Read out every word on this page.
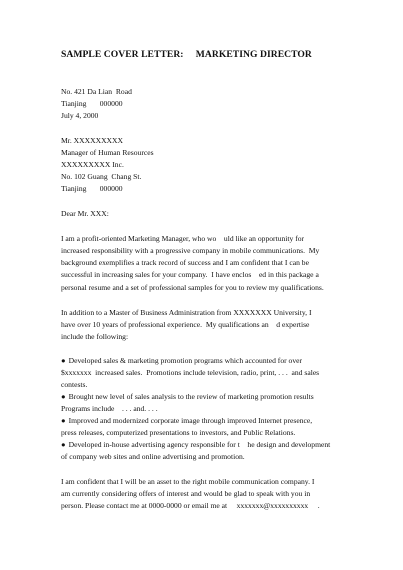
SAMPLE COVER LETTER:     MARKETING DIRECTOR
No. 421 Da Lian  Road
Tianjing       000000
July 4, 2000
Mr. XXXXXXXXX
Manager of Human Resources
XXXXXXXXX Inc.
No. 102 Guang  Chang St.
Tianjing       000000
Dear Mr. XXX:
I am a profit-oriented Marketing Manager, who wo    uld like an opportunity for
increased responsibility with a progressive company in mobile communications.  My
background exemplifies a track record of success and I am confident that I can be
successful in increasing sales for your company.  I have enclos    ed in this package a
personal resume and a set of professional samples for you to review my qualifications.
In addition to a Master of Business Administration from XXXXXXX University, I
have over 10 years of professional experience.  My qualifications an    d expertise
include the following:
● Developed sales & marketing promotion programs which accounted for over
$xxxxxxx  increased sales.  Promotions include television, radio, print, . . .  and sales
contests.
● Brought new level of sales analysis to the review of marketing promotion results
Programs include    . . . and. . . .
● Improved and modernized corporate image through improved Internet presence,
press releases, computerized presentations to investors, and Public Relations.
● Developed in-house advertising agency responsible for t    he design and development
of company web sites and online advertising and promotion.
I am confident that I will be an asset to the right mobile communication company. I
am currently considering offers of interest and would be glad to speak with you in
person. Please contact me at 0000-0000 or email me at     xxxxxxx@xxxxxxxxxx     .
